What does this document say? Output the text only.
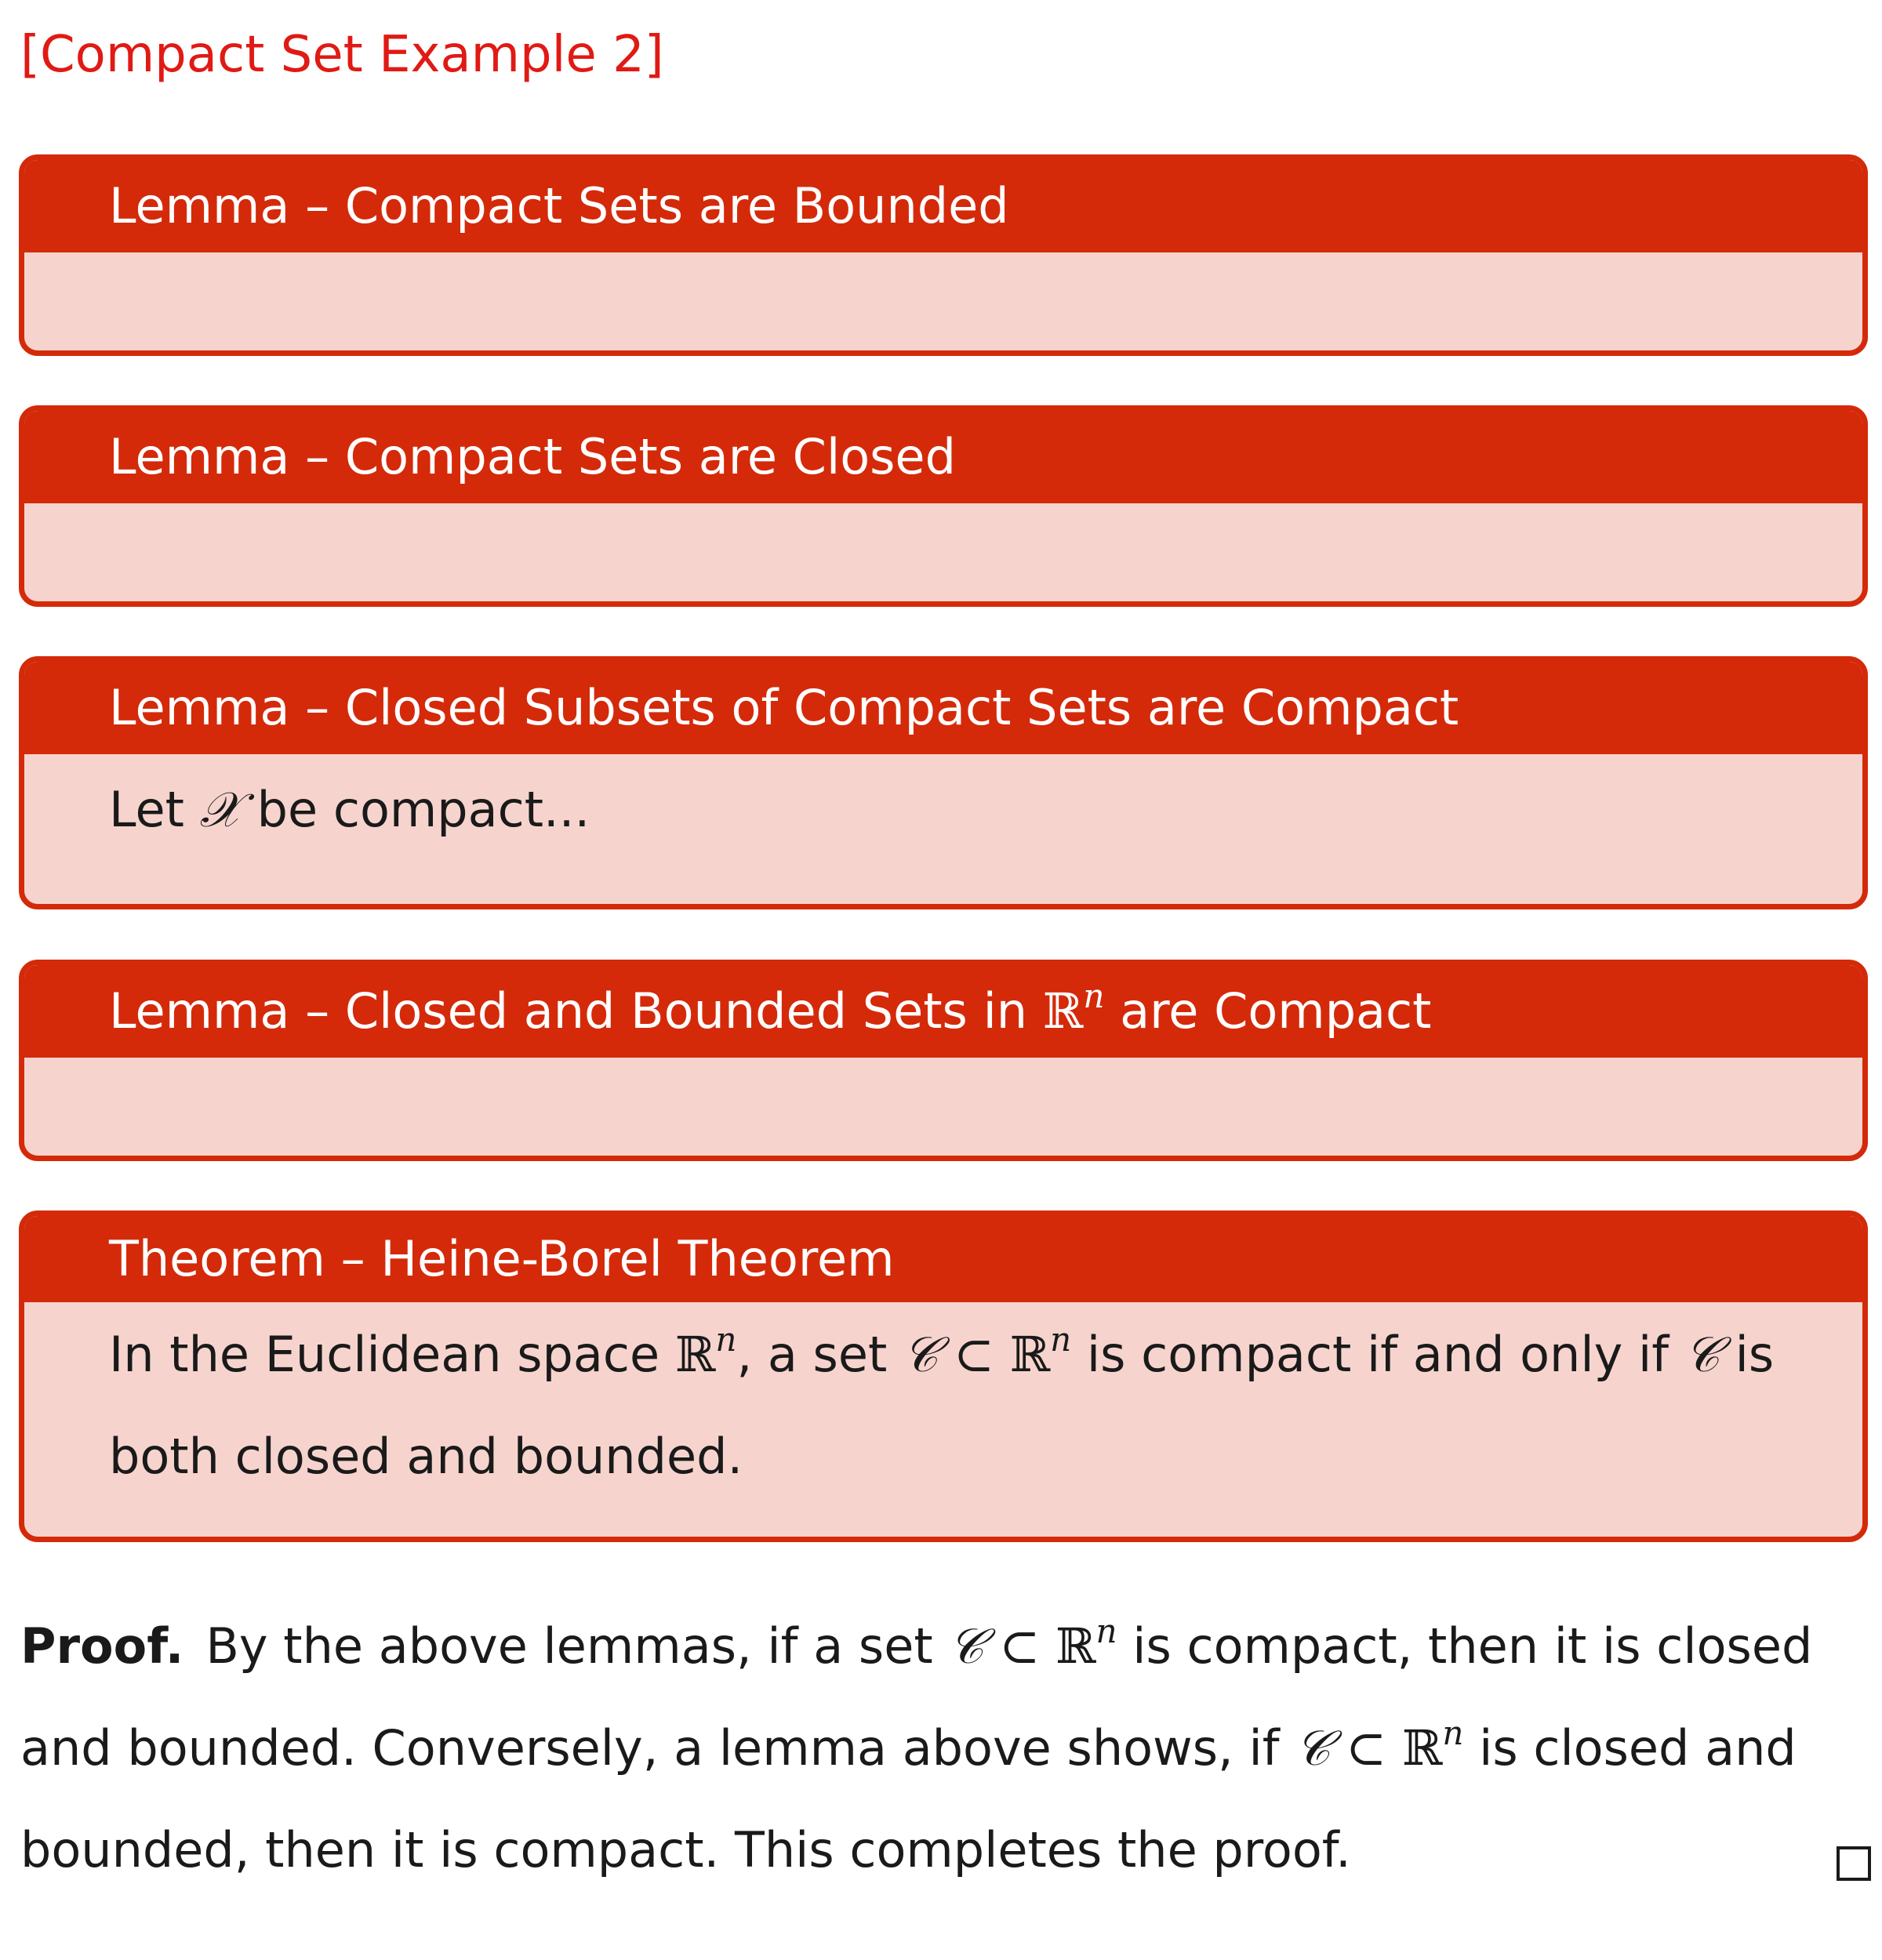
[Compact Set Example 2]
Lemma – Compact Sets are Bounded
Lemma – Compact Sets are Closed
Lemma – Closed Subsets of Compact Sets are Compact
Let 𝒳 be compact...
Lemma – Closed and Bounded Sets in ℝ$^n$ are Compact
Theorem – Heine-Borel Theorem
In the Euclidean space ℝ$^n$, a set 𝒞 ⊂ ℝ$^n$ is compact if and only if 𝒞 is both closed and bounded.
Proof. By the above lemmas, if a set 𝒞 ⊂ ℝ$^n$ is compact, then it is closed and bounded. Conversely, a lemma above shows, if 𝒞 ⊂ ℝ$^n$ is closed and bounded, then it is compact. This completes the proof.
